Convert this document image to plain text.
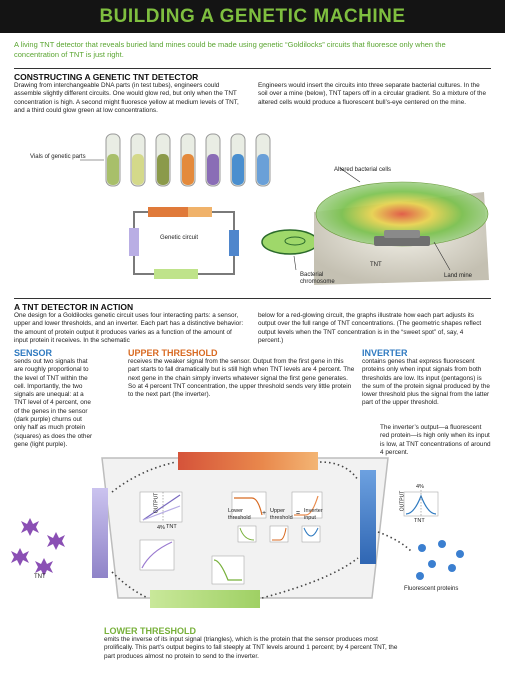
BUILDING A GENETIC MACHINE
A living TNT detector that reveals buried land mines could be made using genetic “Goldilocks” circuits that fluoresce only when the concentration of TNT is just right.
CONSTRUCTING A GENETIC TNT DETECTOR
Drawing from interchangeable DNA parts (in test tubes), engineers could assemble slightly different circuits. One would glow red, but only when the TNT concentration is high. A second might fluoresce yellow at medium levels of TNT, and a third could glow green at low concentrations.
Engineers would insert the circuits into three separate bacterial cultures. In the soil over a mine (below), TNT tapers off in a circular gradient. So a mixture of the altered cells would produce a fluorescent bull’s-eye centered on the mine.
Vials of genetic parts
Altered bacterial cells
Genetic circuit
Bacterial chromosome
TNT
Land mine
A TNT DETECTOR IN ACTION
One design for a Goldilocks genetic circuit uses four interacting parts: a sensor, upper and lower thresholds, and an inverter. Each part has a distinctive behavior: the amount of protein output it produces varies as a function of the amount of input protein it receives. In the schematic
below for a red-glowing circuit, the graphs illustrate how each part adjusts its output over the full range of TNT concentrations. (The geometric shapes reflect output levels when the TNT concentration is in the “sweet spot” of, say, 4 percent.)
SENSOR
sends out two signals that are roughly proportional to the level of TNT within the cell. Importantly, the two signals are unequal: at a TNT level of 4 percent, one of the genes in the sensor (dark purple) churns out only half as much protein (squares) as does the other gene (light purple).
UPPER THRESHOLD
receives the weaker signal from the sensor. Output from the first gene in this part starts to fall dramatically but is still high when TNT levels are 4 percent. The next gene in the chain simply inverts whatever signal the first gene generates. So at 4 percent TNT concentration, the upper threshold sends very little protein to the next part (the inverter).
INVERTER
contains genes that express fluorescent proteins only when input signals from both thresholds are low. Its input (pentagons) is the sum of the protein signal produced by the lower threshold plus the signal from the latter part of the upper threshold.
The inverter’s output—a fluorescent red protein—is high only when its input is low, at TNT concentrations of around 4 percent.
4% TNT
OUTPUT
4%
TNT
OUTPUT
Lower threshold
+ Upper threshold
= Inverter input
TNT
Fluorescent proteins
LOWER THRESHOLD
emits the inverse of its input signal (triangles), which is the protein that the sensor produces most prolifically. This part’s output begins to fall steeply at TNT levels around 1 percent; by 4 percent TNT, the part produces almost no protein to send to the inverter.
